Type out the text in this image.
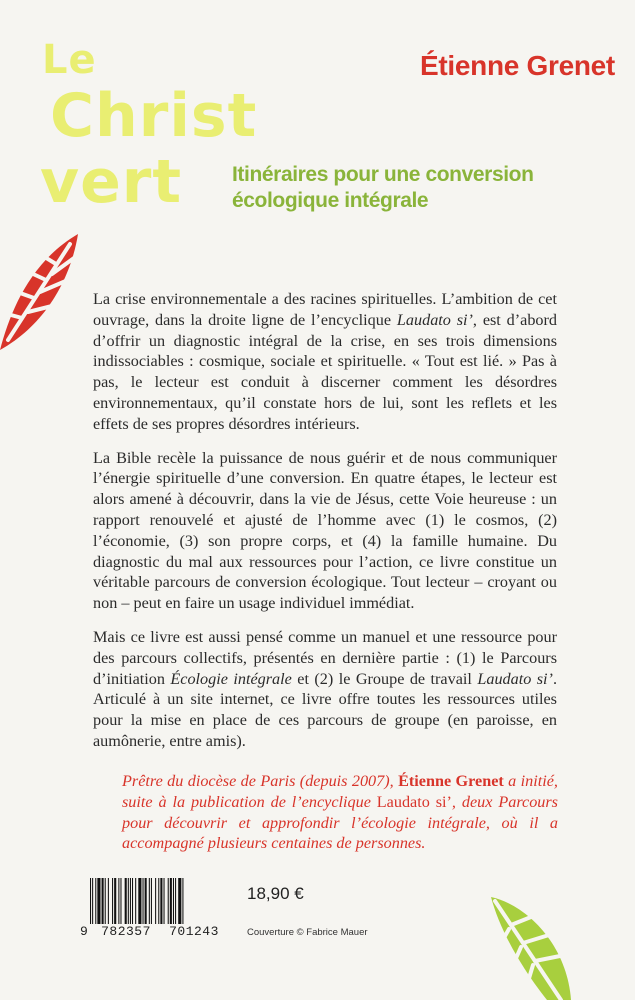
Le
Christ
vert
Étienne Grenet
Itinéraires pour une conversion
écologique intégrale

La crise environnementale a des racines spirituelles. L’ambition de cet ouvrage, dans la droite ligne de l’encyclique Laudato si’, est d’abord d’offrir un diagnostic intégral de la crise, en ses trois dimensions indissociables : cosmique, sociale et spirituelle. « Tout est lié. » Pas à pas, le lecteur est conduit à discerner comment les désordres environnementaux, qu’il constate hors de lui, sont les reflets et les effets de ses propres désordres intérieurs.

La Bible recèle la puissance de nous guérir et de nous communiquer l’énergie spirituelle d’une conversion. En quatre étapes, le lecteur est alors amené à découvrir, dans la vie de Jésus, cette Voie heureuse : un rapport renouvelé et ajusté de l’homme avec (1) le cosmos, (2) l’économie, (3) son propre corps, et (4) la famille humaine. Du diagnostic du mal aux ressources pour l’action, ce livre constitue un véritable parcours de conversion écologique. Tout lecteur – croyant ou non – peut en faire un usage individuel immédiat.

Mais ce livre est aussi pensé comme un manuel et une ressource pour des parcours collectifs, présentés en dernière partie : (1) le Parcours d’initiation Écologie intégrale et (2) le Groupe de travail Laudato si’. Articulé à un site internet, ce livre offre toutes les ressources utiles pour la mise en place de ces parcours de groupe (en paroisse, en aumônerie, entre amis).

Prêtre du diocèse de Paris (depuis 2007), Étienne Grenet a initié, suite à la publication de l’encyclique Laudato si’, deux Parcours pour découvrir et approfondir l’écologie intégrale, où il a accompagné plusieurs centaines de personnes.
9 782357 701243
18,90 €
Couverture © Fabrice Mauer
